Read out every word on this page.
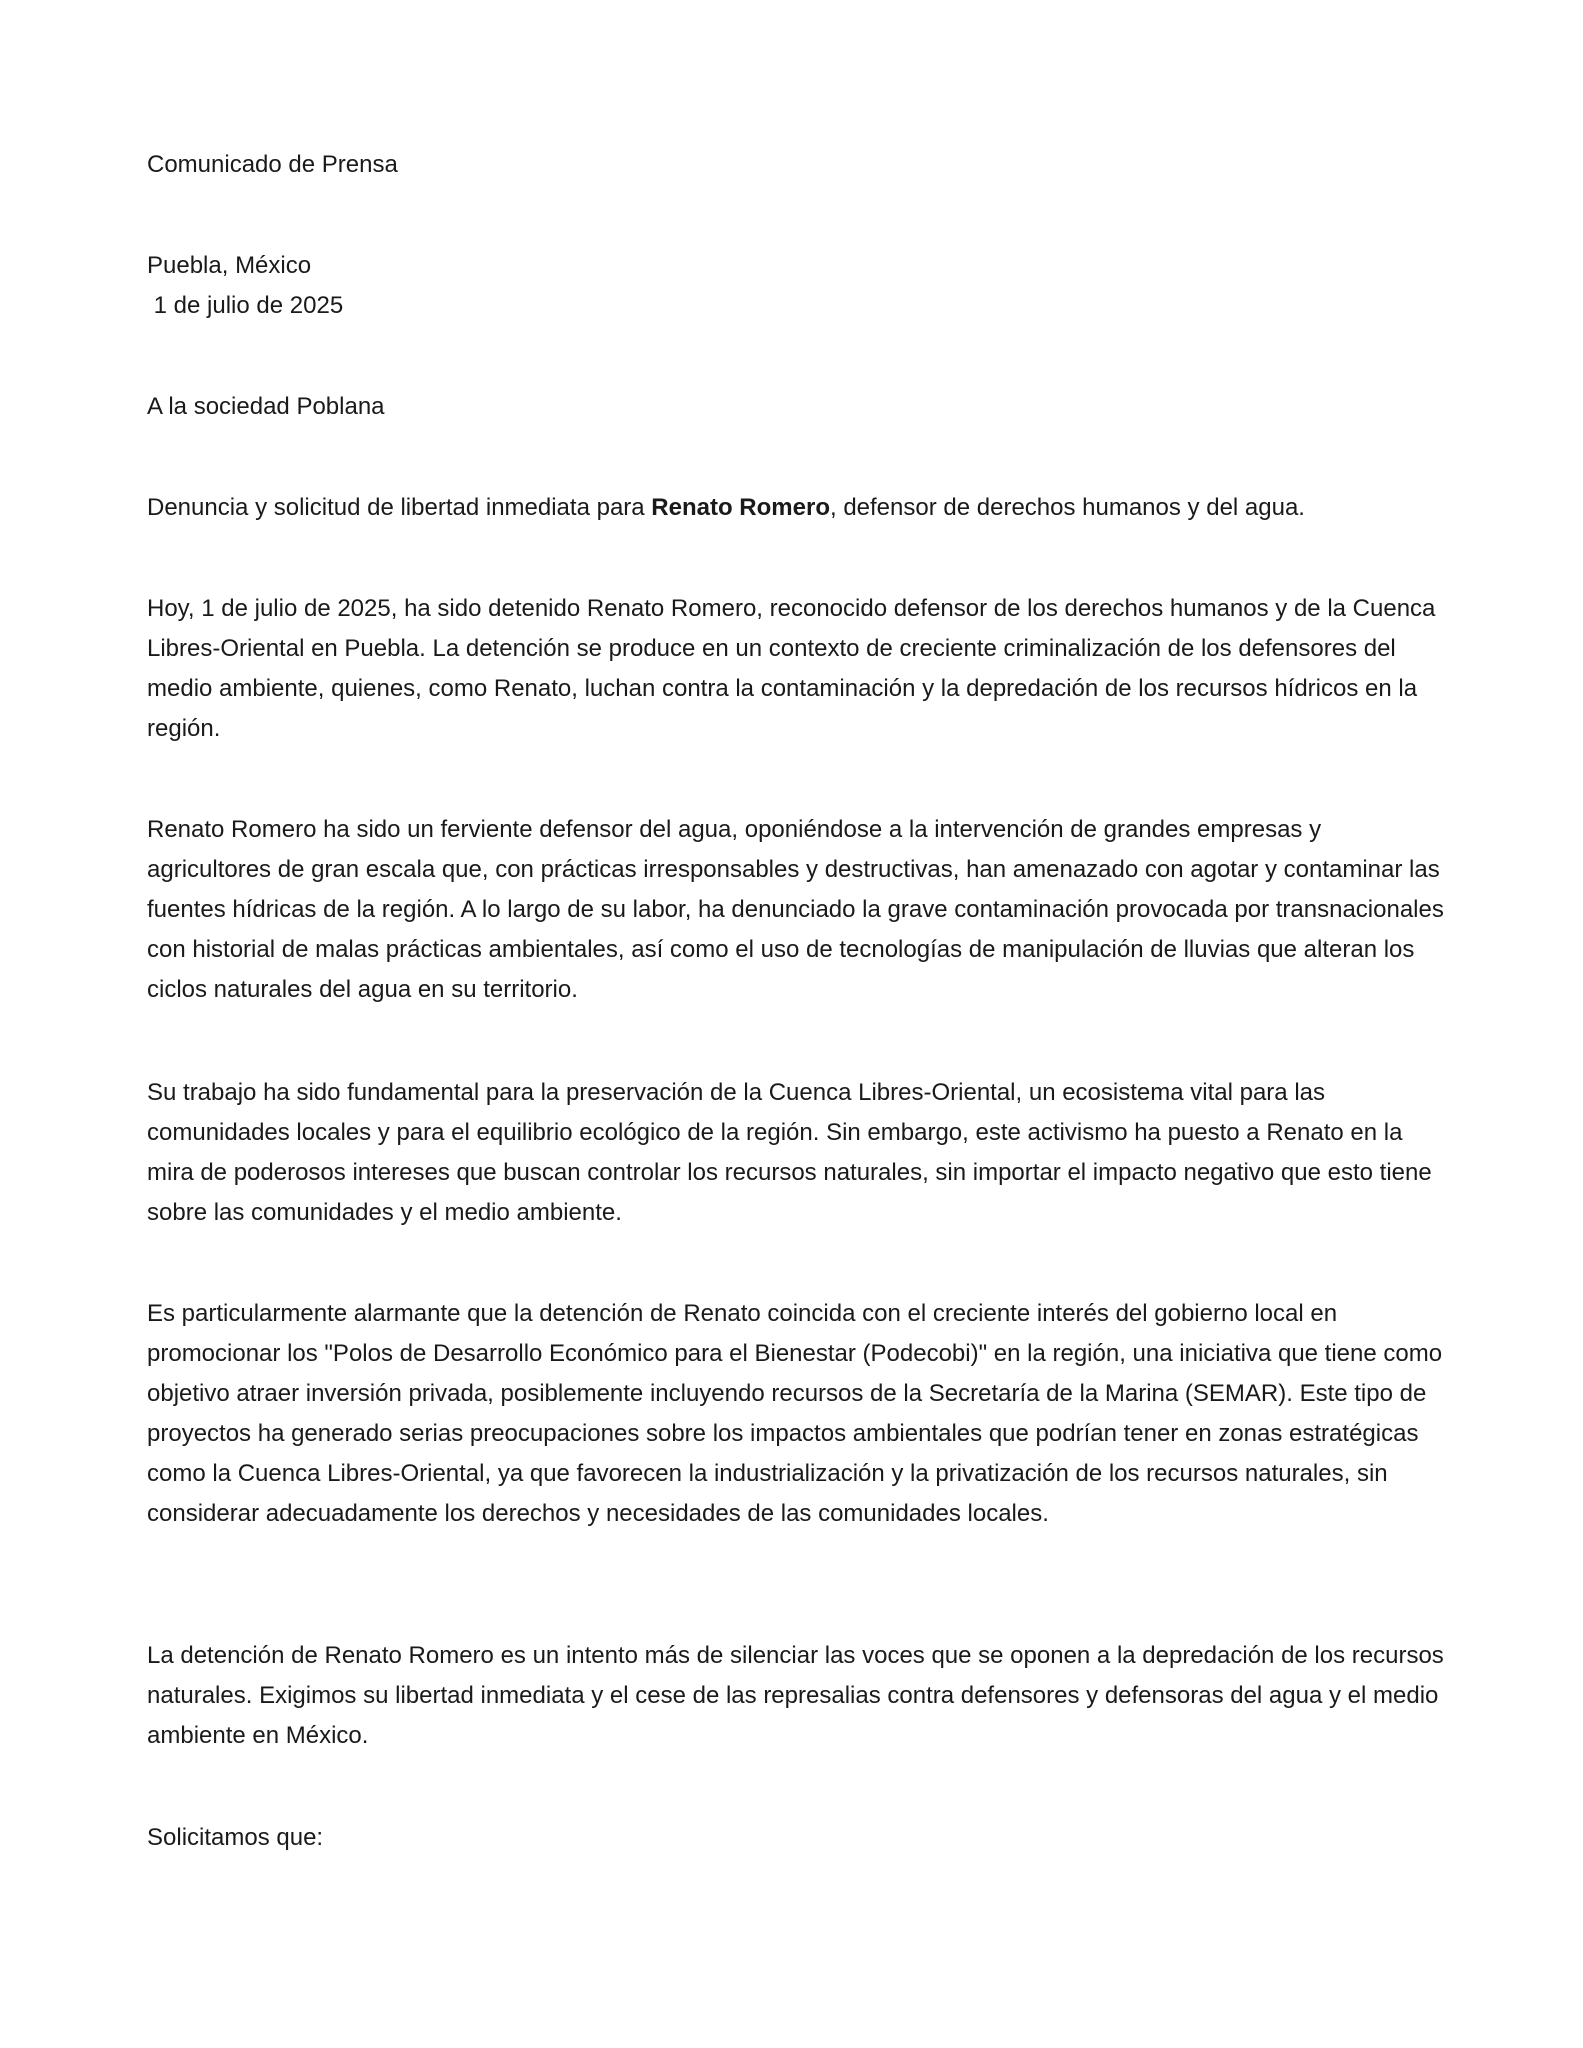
Comunicado de Prensa
Puebla, México
1 de julio de 2025
A la sociedad Poblana
Denuncia y solicitud de libertad inmediata para Renato Romero, defensor de derechos humanos y del agua.
Hoy, 1 de julio de 2025, ha sido detenido Renato Romero, reconocido defensor de los derechos humanos y de la Cuenca Libres-Oriental en Puebla. La detención se produce en un contexto de creciente criminalización de los defensores del medio ambiente, quienes, como Renato, luchan contra la contaminación y la depredación de los recursos hídricos en la región.
Renato Romero ha sido un ferviente defensor del agua, oponiéndose a la intervención de grandes empresas y agricultores de gran escala que, con prácticas irresponsables y destructivas, han amenazado con agotar y contaminar las fuentes hídricas de la región. A lo largo de su labor, ha denunciado la grave contaminación provocada por transnacionales con historial de malas prácticas ambientales, así como el uso de tecnologías de manipulación de lluvias que alteran los ciclos naturales del agua en su territorio.
Su trabajo ha sido fundamental para la preservación de la Cuenca Libres-Oriental, un ecosistema vital para las comunidades locales y para el equilibrio ecológico de la región. Sin embargo, este activismo ha puesto a Renato en la mira de poderosos intereses que buscan controlar los recursos naturales, sin importar el impacto negativo que esto tiene sobre las comunidades y el medio ambiente.
Es particularmente alarmante que la detención de Renato coincida con el creciente interés del gobierno local en promocionar los "Polos de Desarrollo Económico para el Bienestar (Podecobi)" en la región, una iniciativa que tiene como objetivo atraer inversión privada, posiblemente incluyendo recursos de la Secretaría de la Marina (SEMAR). Este tipo de proyectos ha generado serias preocupaciones sobre los impactos ambientales que podrían tener en zonas estratégicas como la Cuenca Libres-Oriental, ya que favorecen la industrialización y la privatización de los recursos naturales, sin considerar adecuadamente los derechos y necesidades de las comunidades locales.
La detención de Renato Romero es un intento más de silenciar las voces que se oponen a la depredación de los recursos naturales. Exigimos su libertad inmediata y el cese de las represalias contra defensores y defensoras del agua y el medio ambiente en México.
Solicitamos que:
